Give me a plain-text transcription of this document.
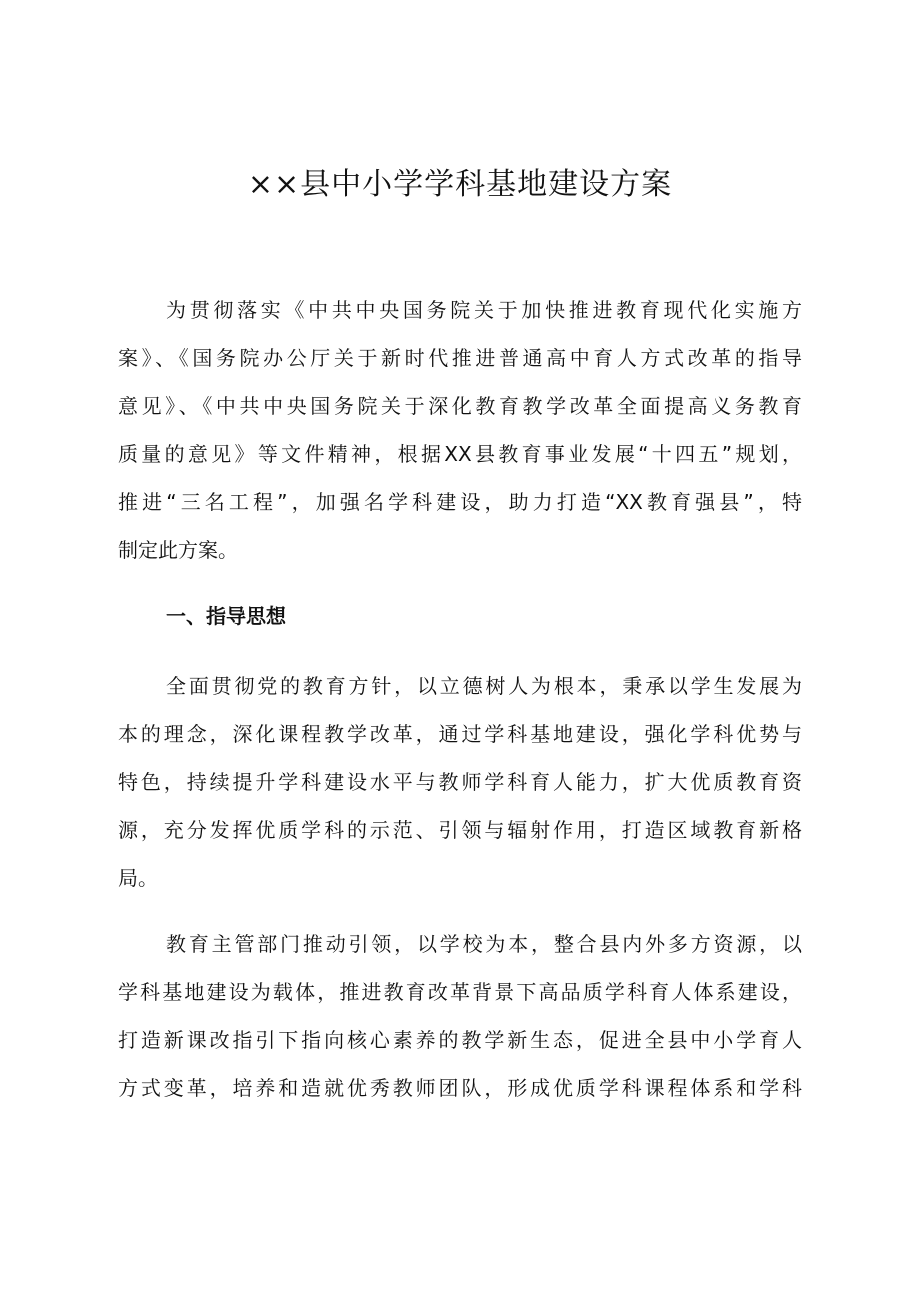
××县中小学学科基地建设方案
为贯彻落实《中共中央国务院关于加快推进教育现代化实施方
案》、《国务院办公厅关于新时代推进普通高中育人方式改革的指导
意见》、《中共中央国务院关于深化教育教学改革全面提高义务教育
质量的意见》等文件精神，根据XX县教育事业发展“十四五”规划，
推进“三名工程”，加强名学科建设，助力打造“XX教育强县”，特
制定此方案。
一、指导思想
全面贯彻党的教育方针，以立德树人为根本，秉承以学生发展为
本的理念，深化课程教学改革，通过学科基地建设，强化学科优势与
特色，持续提升学科建设水平与教师学科育人能力，扩大优质教育资
源，充分发挥优质学科的示范、引领与辐射作用，打造区域教育新格
局。
教育主管部门推动引领，以学校为本，整合县内外多方资源，以
学科基地建设为载体，推进教育改革背景下高品质学科育人体系建设，
打造新课改指引下指向核心素养的教学新生态，促进全县中小学育人
方式变革，培养和造就优秀教师团队，形成优质学科课程体系和学科
